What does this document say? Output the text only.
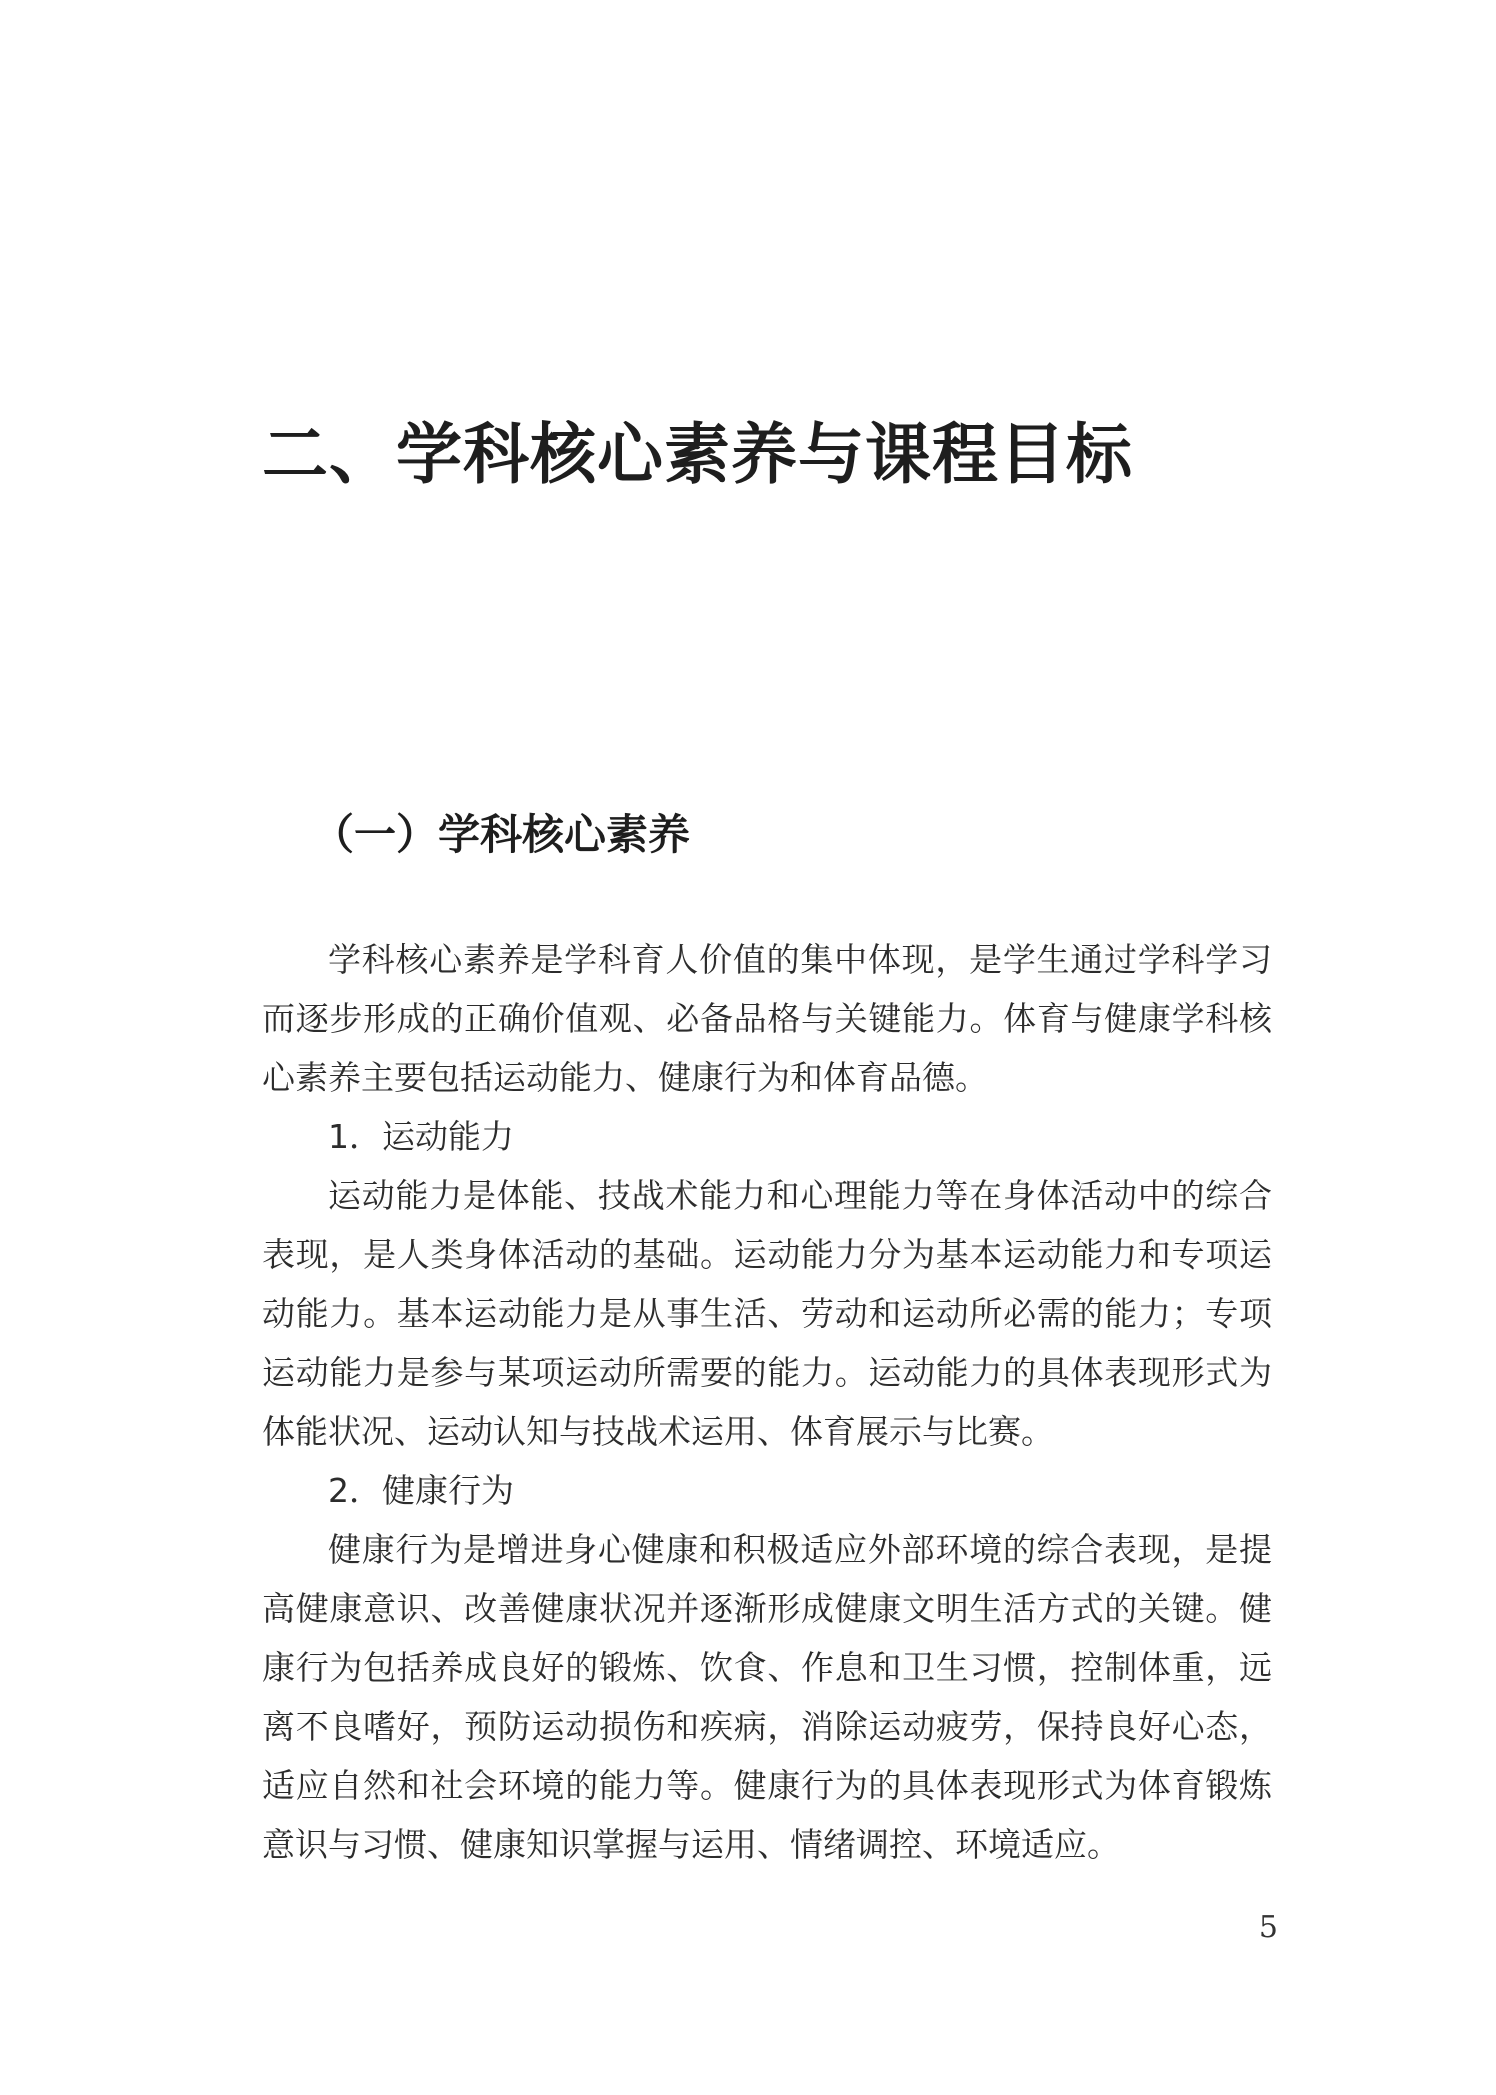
二、学科核心素养与课程目标
（一）学科核心素养

学科核心素养是学科育人价值的集中体现，是学生通过学科学习而逐步形成的正确价值观、必备品格与关键能力。体育与健康学科核心素养主要包括运动能力、健康行为和体育品德。

1．运动能力

运动能力是体能、技战术能力和心理能力等在身体活动中的综合表现，是人类身体活动的基础。运动能力分为基本运动能力和专项运动能力。基本运动能力是从事生活、劳动和运动所必需的能力；专项运动能力是参与某项运动所需要的能力。运动能力的具体表现形式为体能状况、运动认知与技战术运用、体育展示与比赛。

2．健康行为

健康行为是增进身心健康和积极适应外部环境的综合表现，是提高健康意识、改善健康状况并逐渐形成健康文明生活方式的关键。健康行为包括养成良好的锻炼、饮食、作息和卫生习惯，控制体重，远离不良嗜好，预防运动损伤和疾病，消除运动疲劳，保持良好心态，适应自然和社会环境的能力等。健康行为的具体表现形式为体育锻炼意识与习惯、健康知识掌握与运用、情绪调控、环境适应。

5
